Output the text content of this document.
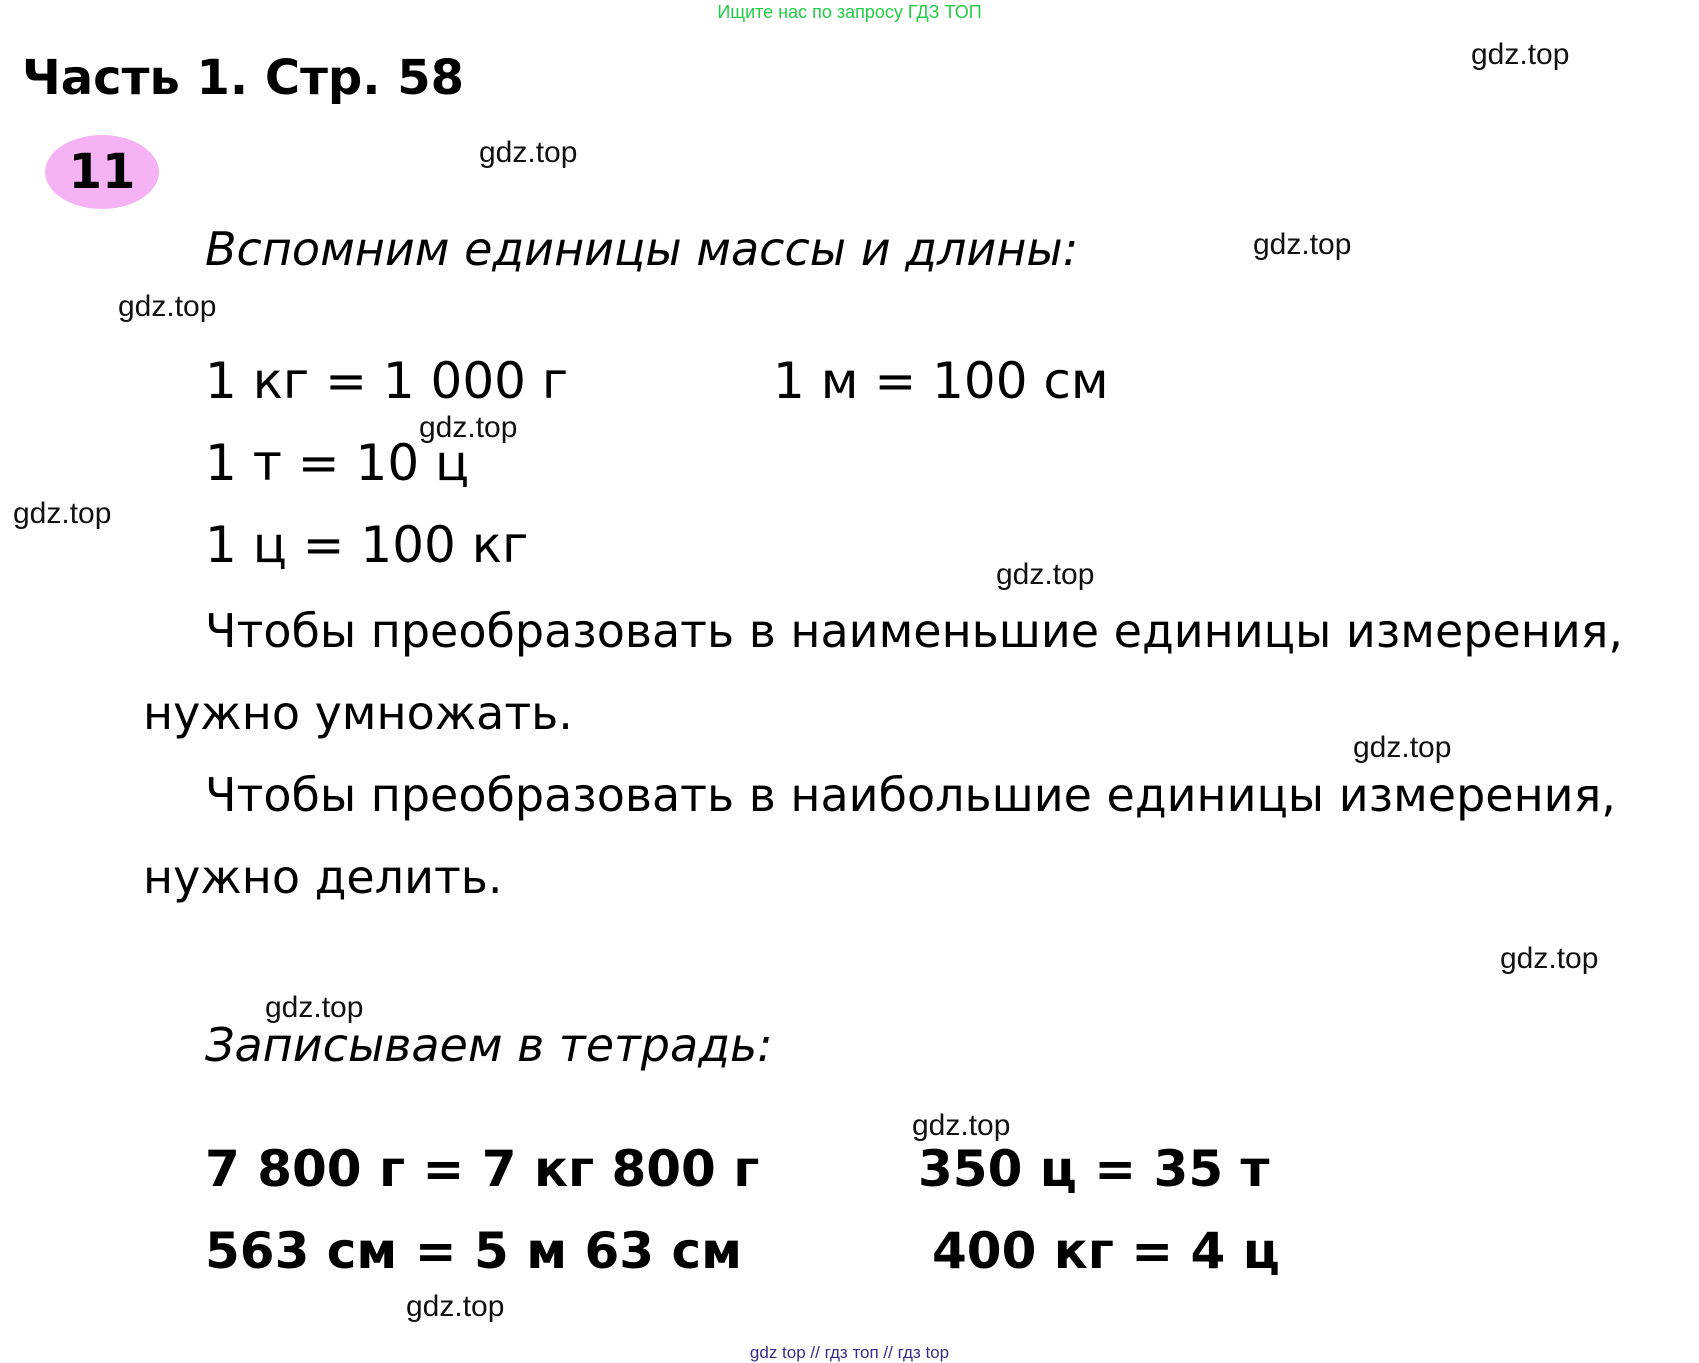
Ищите нас по запросу ГДЗ ТОП
Часть 1. Стр. 58
11
Вспомним единицы массы и длины:
1 кг = 1 000 г	1 м = 100 см
1 т = 10 ц
1 ц = 100 кг
Чтобы преобразовать в наименьшие единицы измерения,
нужно умножать.
Чтобы преобразовать в наибольшие единицы измерения,
нужно делить.
Записываем в тетрадь:
7 800 г = 7 кг 800 г	350 ц = 35 т
563 см = 5 м 63 см	400 кг = 4 ц
gdz.top
gdz.top
gdz.top
gdz.top
gdz.top
gdz.top
gdz.top
gdz.top
gdz.top
gdz.top
gdz.top
gdz.top
gdz top // гдз топ // гдз top
